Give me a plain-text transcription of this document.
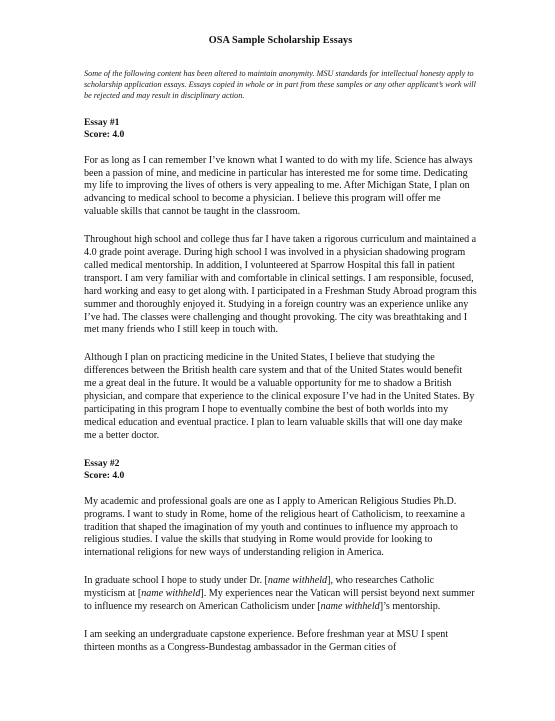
OSA Sample Scholarship Essays
Some of the following content has been altered to maintain anonymity. MSU standards for intellectual honesty apply to scholarship application essays. Essays copied in whole or in part from these samples or any other applicant’s work will be rejected and may result in disciplinary action.
Essay #1
Score: 4.0

For as long as I can remember I’ve known what I wanted to do with my life. Science has always been a passion of mine, and medicine in particular has interested me for some time. Dedicating my life to improving the lives of others is very appealing to me. After Michigan State, I plan on advancing to medical school to become a physician. I believe this program will offer me valuable skills that cannot be taught in the classroom.

Throughout high school and college thus far I have taken a rigorous curriculum and maintained a 4.0 grade point average. During high school I was involved in a physician shadowing program called medical mentorship. In addition, I volunteered at Sparrow Hospital this fall in patient transport. I am very familiar with and comfortable in clinical settings. I am responsible, focused, hard working and easy to get along with. I participated in a Freshman Study Abroad program this summer and thoroughly enjoyed it. Studying in a foreign country was an experience unlike any I’ve had. The classes were challenging and thought provoking. The city was breathtaking and I met many friends who I still keep in touch with.

Although I plan on practicing medicine in the United States, I believe that studying the differences between the British health care system and that of the United States would benefit me a great deal in the future. It would be a valuable opportunity for me to shadow a British physician, and compare that experience to the clinical exposure I’ve had in the United States. By participating in this program I hope to eventually combine the best of both worlds into my medical education and eventual practice. I plan to learn valuable skills that will one day make me a better doctor.

Essay #2
Score: 4.0

My academic and professional goals are one as I apply to American Religious Studies Ph.D. programs. I want to study in Rome, home of the religious heart of Catholicism, to reexamine a tradition that shaped the imagination of my youth and continues to influence my approach to religious studies. I value the skills that studying in Rome would provide for looking to international religions for new ways of understanding religion in America.

In graduate school I hope to study under Dr. [name withheld], who researches Catholic mysticism at [name withheld]. My experiences near the Vatican will persist beyond next summer to influence my research on American Catholicism under [name withheld]’s mentorship.

I am seeking an undergraduate capstone experience. Before freshman year at MSU I spent thirteen months as a Congress-Bundestag ambassador in the German cities of
